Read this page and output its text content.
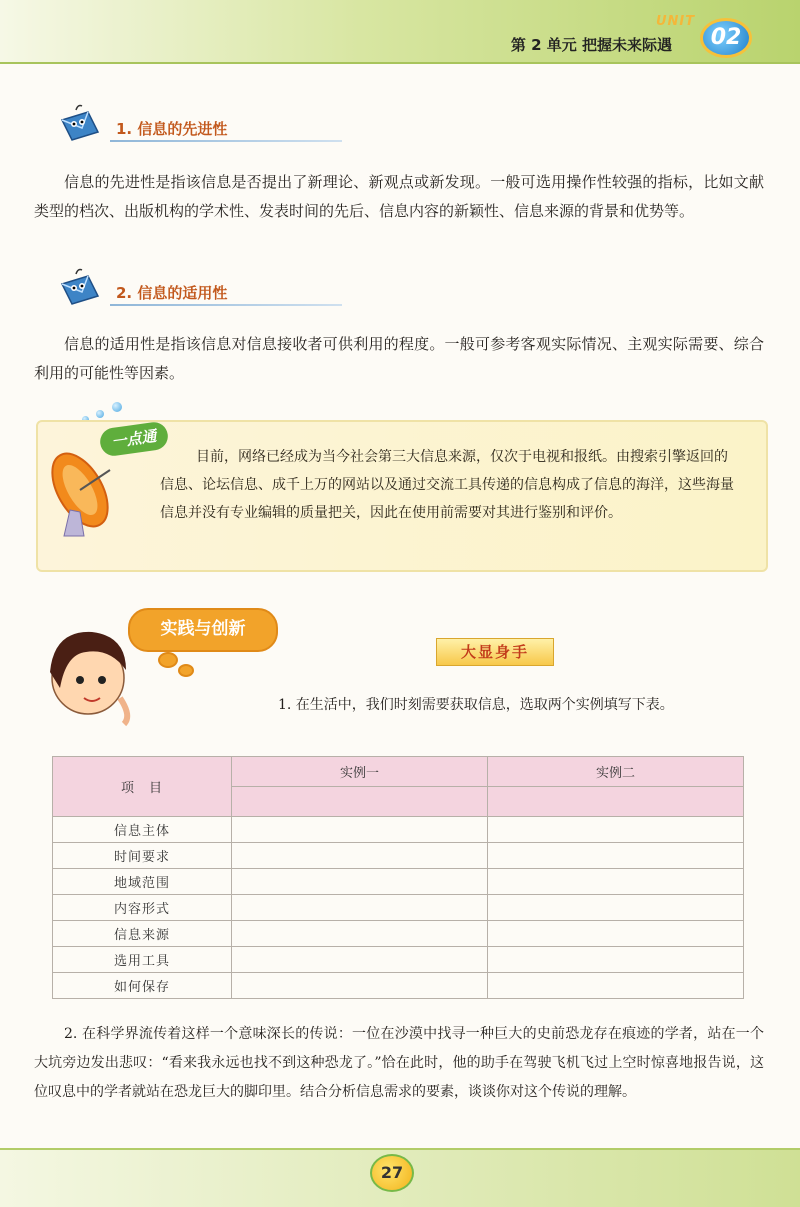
第 2 单元 把握未来际遇
UNIT
02
1. 信息的先进性
信息的先进性是指该信息是否提出了新理论、新观点或新发现。一般可选用操作性较强的指标，比如文献类型的档次、出版机构的学术性、发表时间的先后、信息内容的新颖性、信息来源的背景和优势等。
2. 信息的适用性
信息的适用性是指该信息对信息接收者可供利用的程度。一般可参考客观实际情况、主观实际需要、综合利用的可能性等因素。
一点通
目前，网络已经成为当今社会第三大信息来源，仅次于电视和报纸。由搜索引擎返回的信息、论坛信息、成千上万的网站以及通过交流工具传递的信息构成了信息的海洋，这些海量信息并没有专业编辑的质量把关，因此在使用前需要对其进行鉴别和评价。
实践与创新
大显身手
1. 在生活中，我们时刻需要获取信息，选取两个实例填写下表。
项　目	实例一	实例二

信息主体		
时间要求		
地域范围		
内容形式		
信息来源		
选用工具		
如何保存		
2. 在科学界流传着这样一个意味深长的传说：一位在沙漠中找寻一种巨大的史前恐龙存在痕迹的学者，站在一个大坑旁边发出悲叹：“看来我永远也找不到这种恐龙了。”恰在此时，他的助手在驾驶飞机飞过上空时惊喜地报告说，这位叹息中的学者就站在恐龙巨大的脚印里。结合分析信息需求的要素，谈谈你对这个传说的理解。
27
